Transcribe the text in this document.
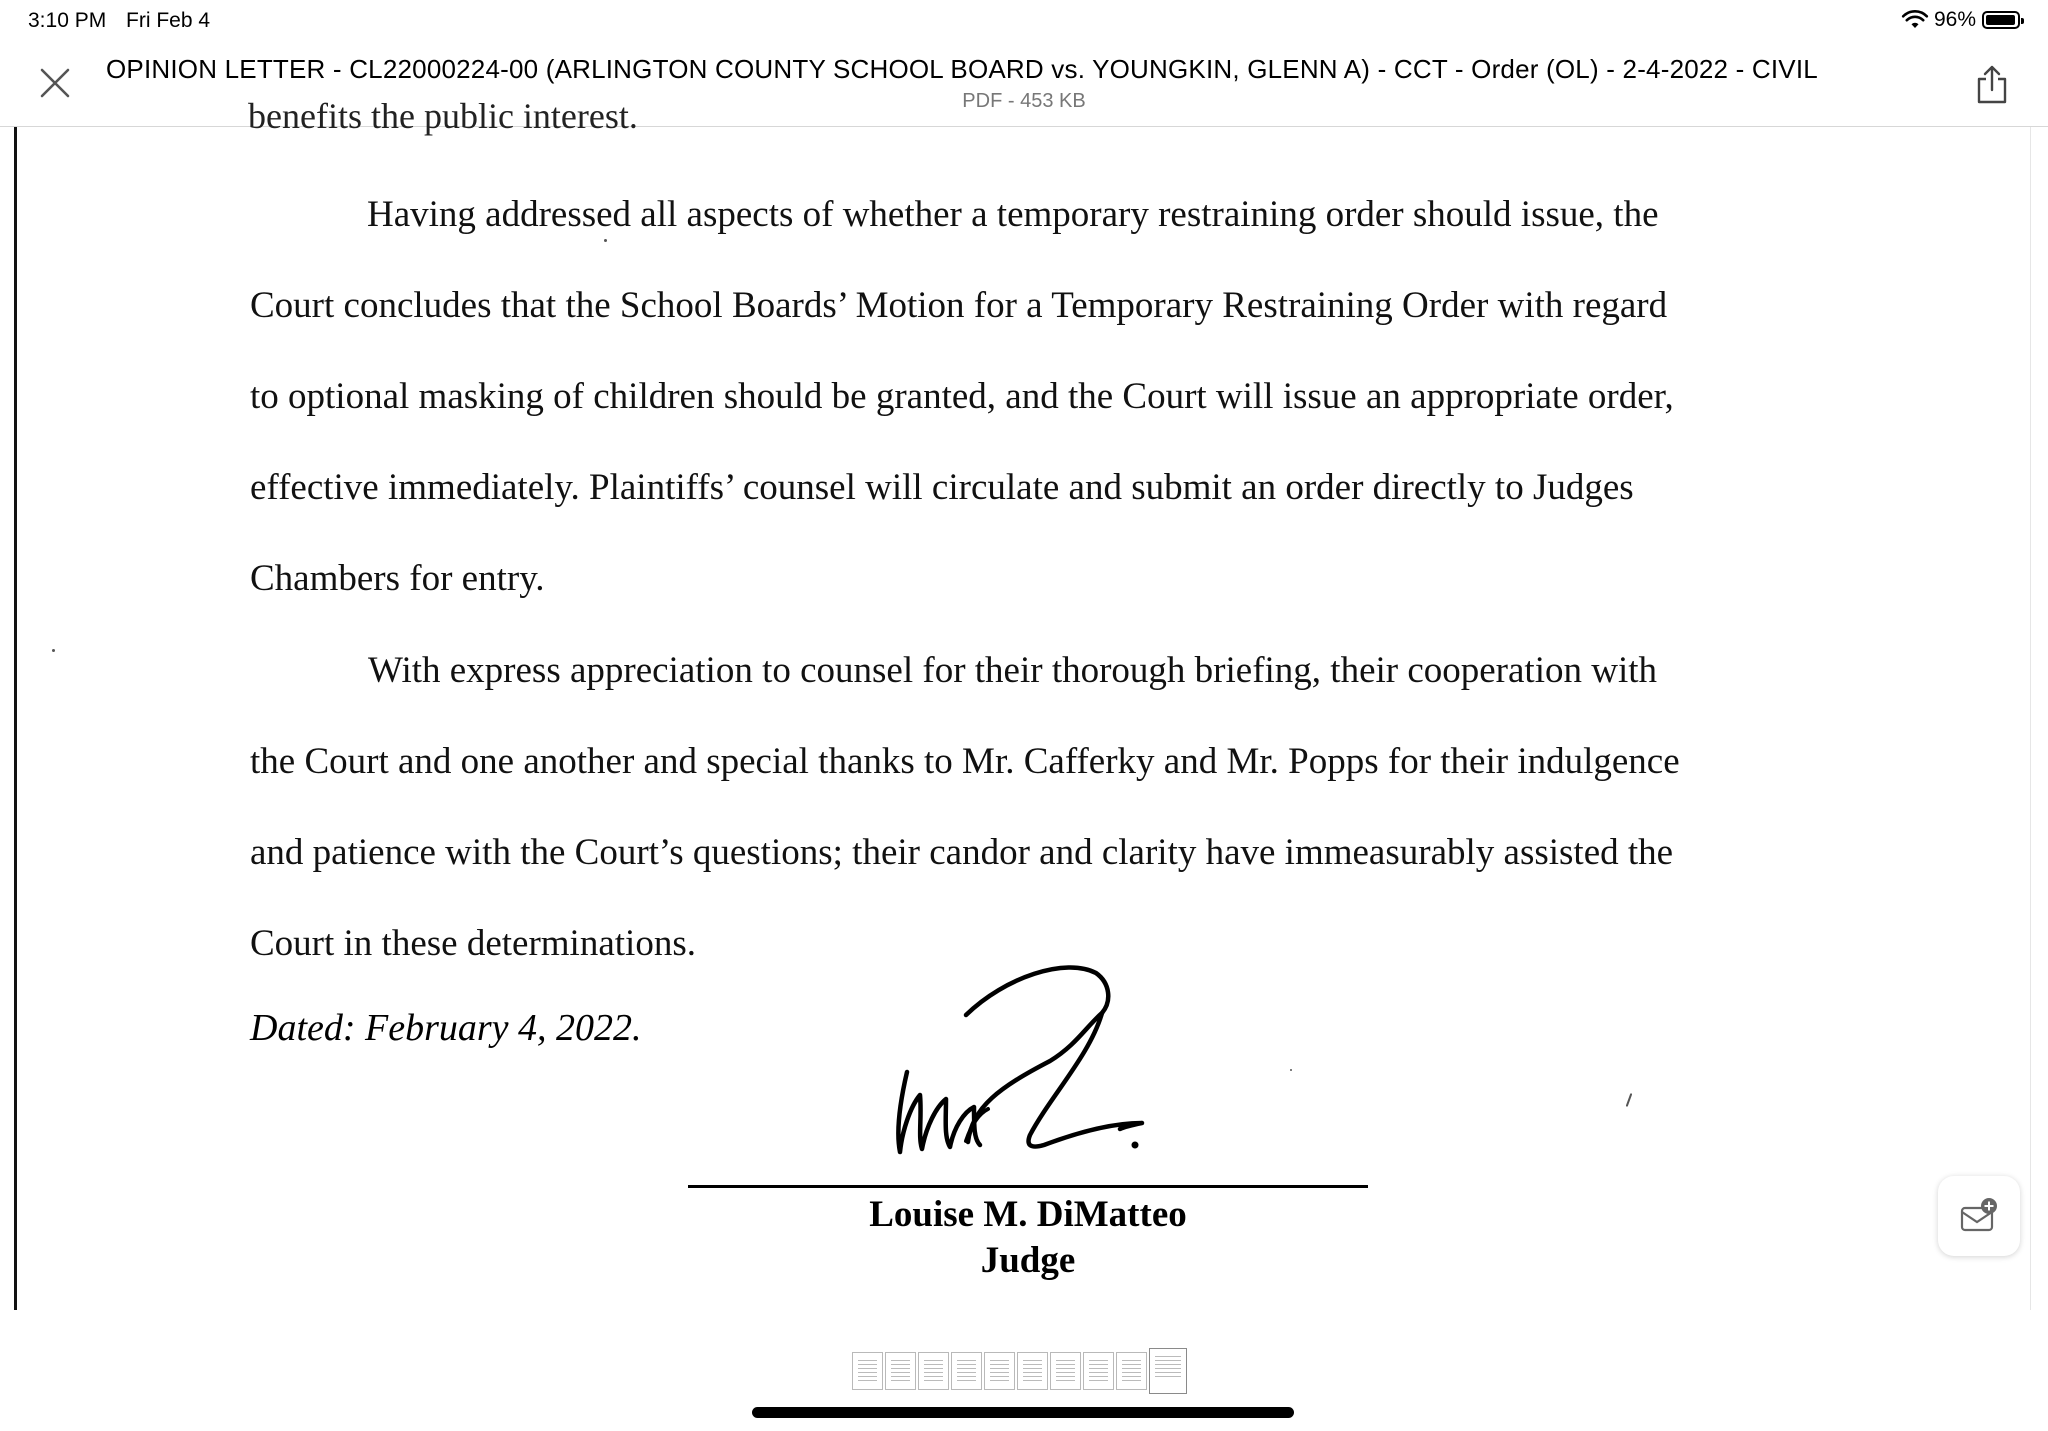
3:10 PM Fri Feb 4	96%
OPINION LETTER - CL22000224-00 (ARLINGTON COUNTY SCHOOL BOARD vs. YOUNGKIN, GLENN A) - CCT - Order (OL) - 2-4-2022 - CIVIL
PDF - 453 KB
benefits the public interest.
Having addressed all aspects of whether a temporary restraining order should issue, the
Court concludes that the School Boards’ Motion for a Temporary Restraining Order with regard
to optional masking of children should be granted, and the Court will issue an appropriate order,
effective immediately. Plaintiffs’ counsel will circulate and submit an order directly to Judges
Chambers for entry.
With express appreciation to counsel for their thorough briefing, their cooperation with
the Court and one another and special thanks to Mr. Cafferky and Mr. Popps for their indulgence
and patience with the Court’s questions; their candor and clarity have immeasurably assisted the
Court in these determinations.
Dated: February 4, 2022.
Louise M. DiMatteo
Judge
